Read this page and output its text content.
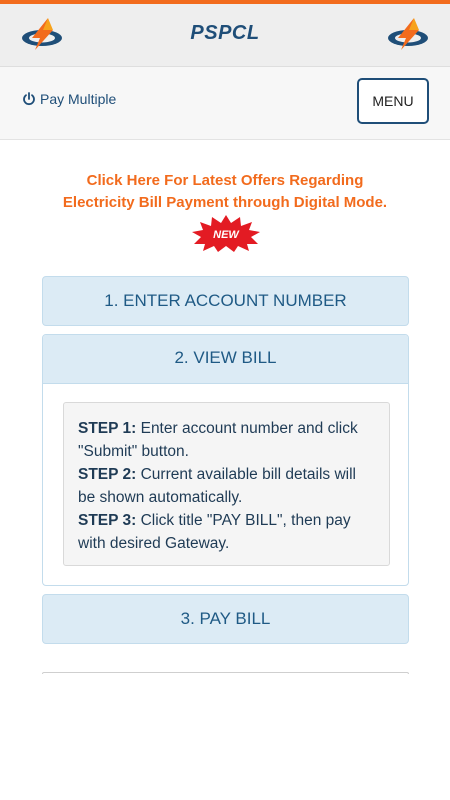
PSPCL
Pay Multiple	MENU
Click Here For Latest Offers Regarding
Electricity Bill Payment through Digital Mode.
NEW
1. ENTER ACCOUNT NUMBER
2. VIEW BILL
STEP 1: Enter account number and click "Submit" button.
STEP 2: Current available bill details will be shown automatically.
STEP 3: Click title "PAY BILL", then pay with desired Gateway.
3. PAY BILL
